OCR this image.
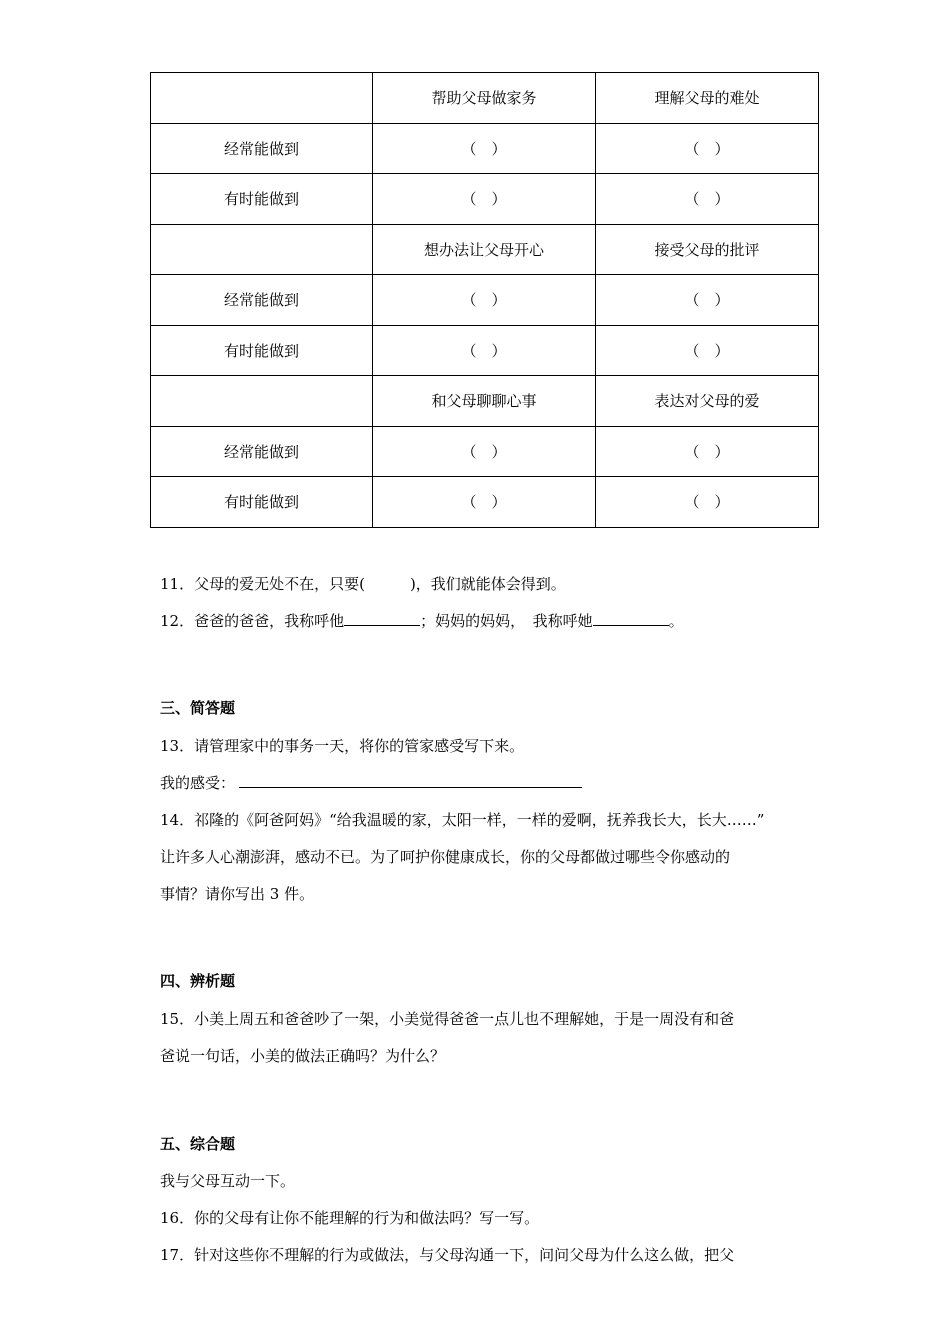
	帮助父母做家务	理解父母的难处
经常能做到	（　）	（　）
有时能做到	（　）	（　）
	想办法让父母开心	接受父母的批评
经常能做到	（　）	（　）
有时能做到	（　）	（　）
	和父母聊聊心事	表达对父母的爱
经常能做到	（　）	（　）
有时能做到	（　）	（　）
11．父母的爱无处不在，只要(　　　)，我们就能体会得到。
12．爸爸的爸爸，我称呼他	；妈妈的妈妈，　我称呼她	。
三、简答题
13．请管理家中的事务一天，将你的管家感受写下来。
我的感受：
14．祁隆的《阿爸阿妈》“给我温暖的家，太阳一样，一样的爱啊，抚养我长大，长大……”
让许多人心潮澎湃，感动不已。为了呵护你健康成长，你的父母都做过哪些令你感动的
事情？请你写出 3 件。
四、辨析题
15．小美上周五和爸爸吵了一架，小美觉得爸爸一点儿也不理解她，于是一周没有和爸
爸说一句话，小美的做法正确吗？为什么？
五、综合题
我与父母互动一下。
16．你的父母有让你不能理解的行为和做法吗？写一写。
17．针对这些你不理解的行为或做法，与父母沟通一下，问问父母为什么这么做，把父
